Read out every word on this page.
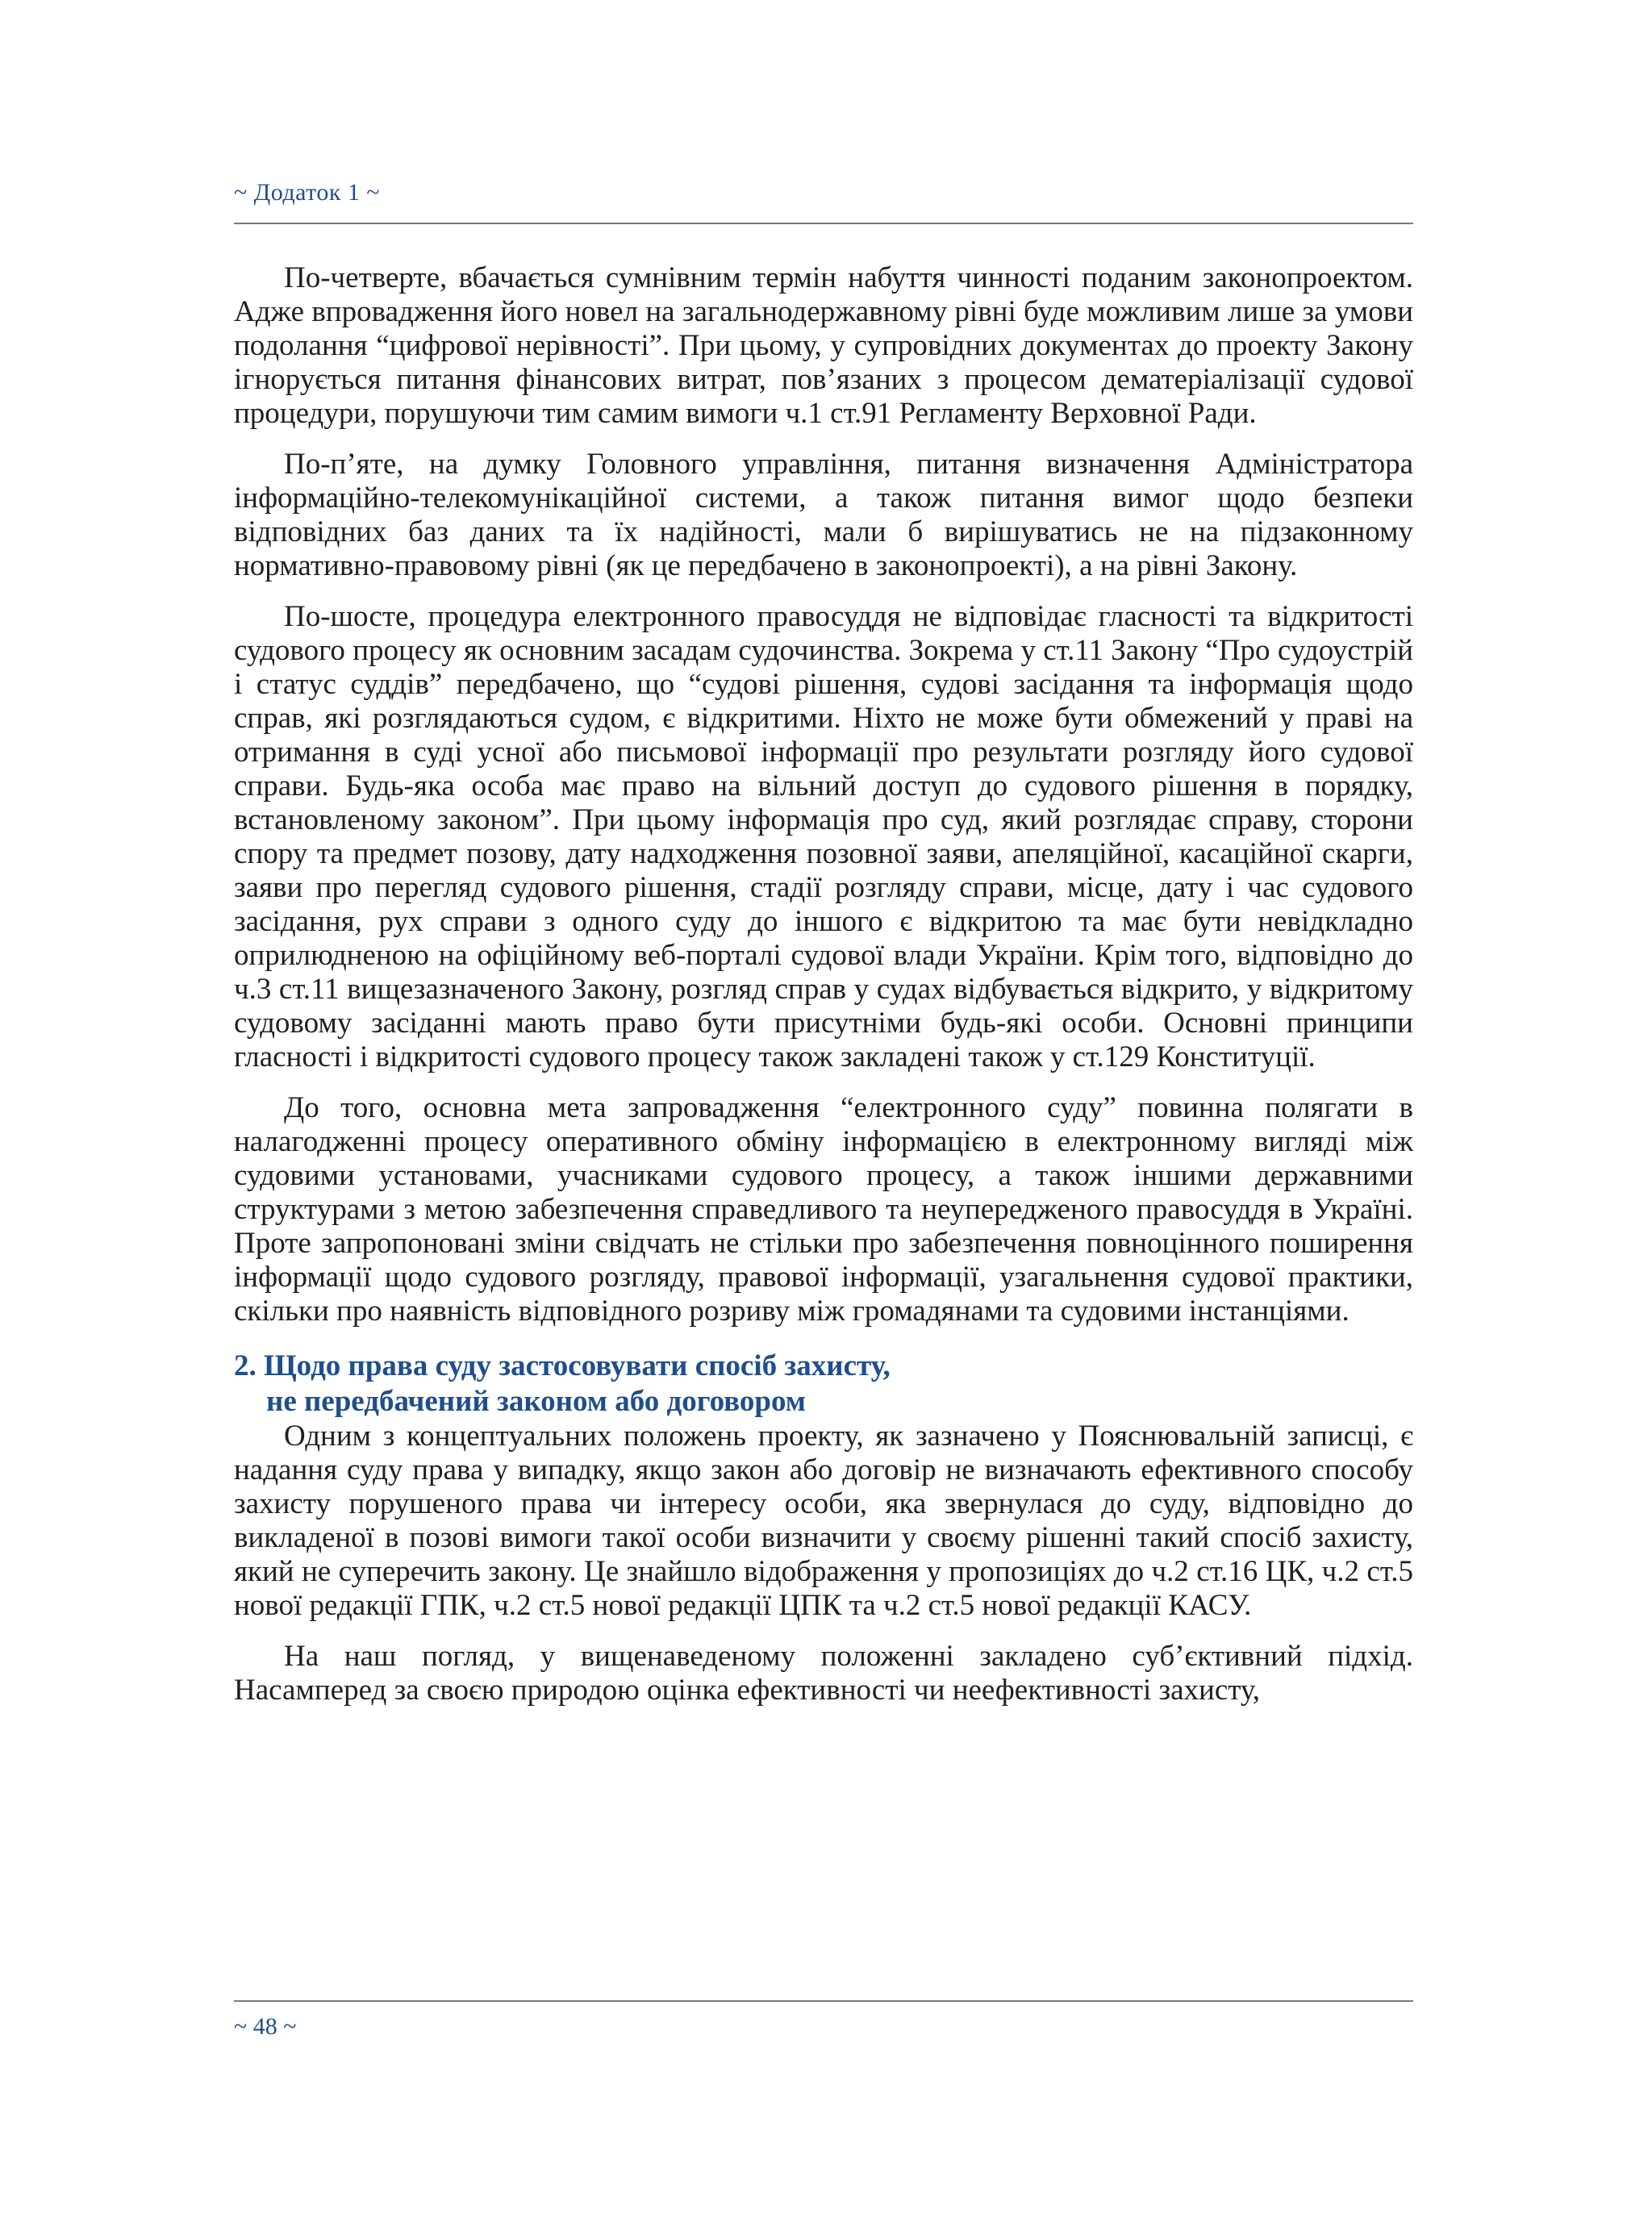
~ Додаток 1 ~

По-четверте, вбачається сумнівним термін набуття чинності поданим законопроектом. Адже впровадження його новел на загальнодержавному рівні буде можливим лише за умови подолання “цифрової нерівності”. При цьому, у супровідних документах до проекту Закону ігнорується питання фінансових витрат, пов’язаних з процесом дематеріалізації судової процедури, порушуючи тим самим вимоги ч.1 ст.91 Регламенту Верховної Ради.

По-п’яте, на думку Головного управління, питання визначення Адміністратора інформаційно-телекомунікаційної системи, а також питання вимог щодо безпеки відповідних баз даних та їх надійності, мали б вирішуватись не на підзаконному нормативно-правовому рівні (як це передбачено в законопроекті), а на рівні Закону.

По-шосте, процедура електронного правосуддя не відповідає гласності та відкритості судового процесу як основним засадам судочинства. Зокрема у ст.11 Закону “Про судоустрій і статус суддів” передбачено, що “судові рішення, судові засідання та інформація щодо справ, які розглядаються судом, є відкритими. Ніхто не може бути обмежений у праві на отримання в суді усної або письмової інформації про результати розгляду його судової справи. Будь-яка особа має право на вільний доступ до судового рішення в порядку, встановленому законом”. При цьому інформація про суд, який розглядає справу, сторони спору та предмет позову, дату надходження позовної заяви, апеляційної, касаційної скарги, заяви про перегляд судового рішення, стадії розгляду справи, місце, дату і час судового засідання, рух справи з одного суду до іншого є відкритою та має бути невідкладно оприлюдненою на офіційному веб-порталі судової влади України. Крім того, відповідно до ч.3 ст.11 вищезазначеного Закону, розгляд справ у судах відбувається відкрито, у відкритому судовому засіданні мають право бути присутніми будь-які особи. Основні принципи гласності і відкритості судового процесу також закладені також у ст.129 Конституції.

До того, основна мета запровадження “електронного суду” повинна полягати в налагодженні процесу оперативного обміну інформацією в електронному вигляді між судовими установами, учасниками судового процесу, а також іншими державними структурами з метою забезпечення справедливого та неупередженого правосуддя в Україні. Проте запропоновані зміни свідчать не стільки про забезпечення повноцінного поширення інформації щодо судового розгляду, правової інформації, узагальнення судової практики, скільки про наявність відповідного розриву між громадянами та судовими інстанціями.

2. Щодо права суду застосовувати спосіб захисту,
не передбачений законом або договором

Одним з концептуальних положень проекту, як зазначено у Пояснювальній записці, є надання суду права у випадку, якщо закон або договір не визначають ефективного способу захисту порушеного права чи інтересу особи, яка звернулася до суду, відповідно до викладеної в позові вимоги такої особи визначити у своєму рішенні такий спосіб захисту, який не суперечить закону. Це знайшло відображення у пропозиціях до ч.2 ст.16 ЦК, ч.2 ст.5 нової редакції ГПК, ч.2 ст.5 нової редакції ЦПК та ч.2 ст.5 нової редакції КАСУ.

На наш погляд, у вищенаведеному положенні закладено суб’єктивний підхід. Насамперед за своєю природою оцінка ефективності чи неефективності захисту,

~ 48 ~
